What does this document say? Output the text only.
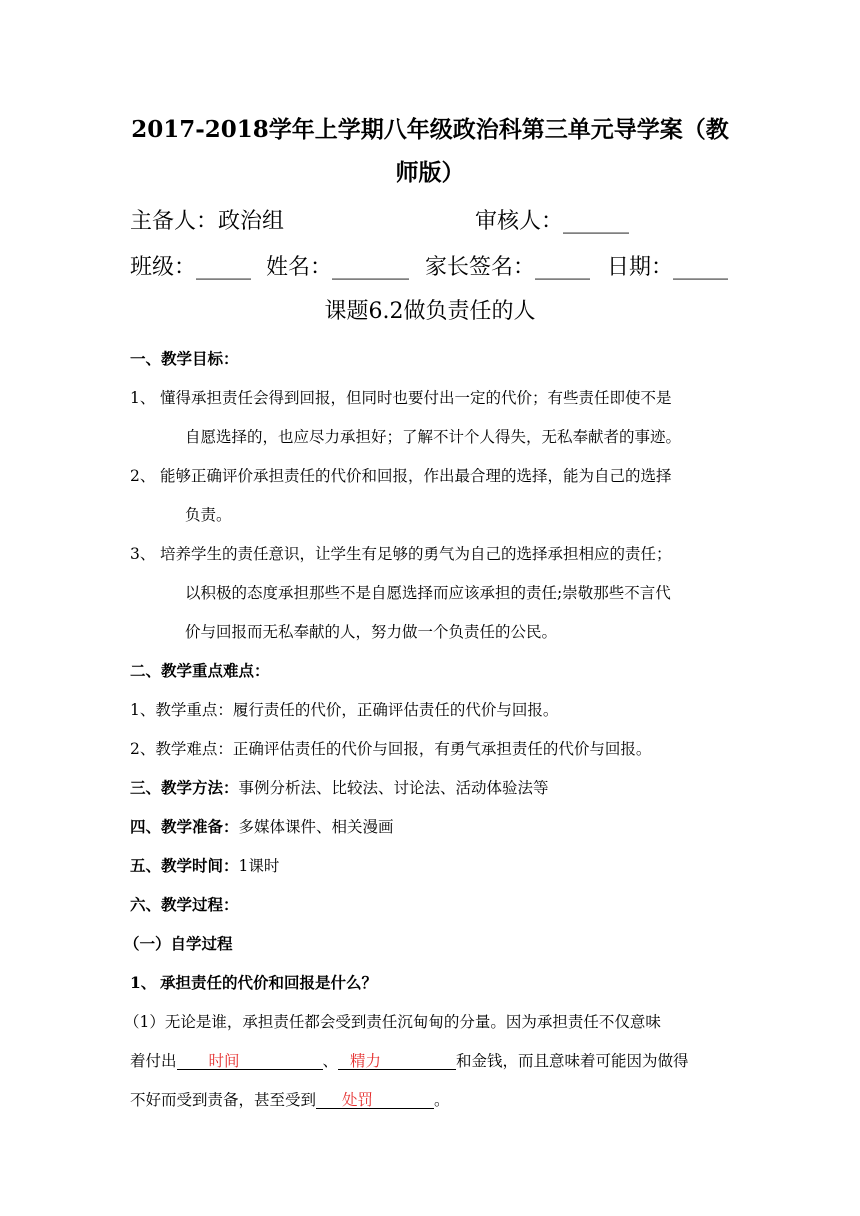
2017-2018学年上学期八年级政治科第三单元导学案（教
师版）
主备人：政治组	审核人：______
班级：_____ 姓名：_______ 家长签名：_____ 日期：_____
课题6.2做负责任的人
一、教学目标：
1、 懂得承担责任会得到回报，但同时也要付出一定的代价；有些责任即使不是
自愿选择的，也应尽力承担好；了解不计个人得失，无私奉献者的事迹。
2、 能够正确评价承担责任的代价和回报，作出最合理的选择，能为自己的选择
负责。
3、 培养学生的责任意识，让学生有足够的勇气为自己的选择承担相应的责任；
以积极的态度承担那些不是自愿选择而应该承担的责任;崇敬那些不言代
价与回报而无私奉献的人，努力做一个负责任的公民。
二、教学重点难点：
1、教学重点：履行责任的代价，正确评估责任的代价与回报。
2、教学难点：正确评估责任的代价与回报，有勇气承担责任的代价与回报。
三、教学方法：事例分析法、比较法、讨论法、活动体验法等
四、教学准备：多媒体课件、相关漫画
五、教学时间：1课时
六、教学过程：
（一）自学过程
1、 承担责任的代价和回报是什么？
（1）无论是谁，承担责任都会受到责任沉甸甸的分量。因为承担责任不仅意味
着付出 时间	、 精力	和金钱，而且意味着可能因为做得
不好而受到责备，甚至受到 处罚	。
